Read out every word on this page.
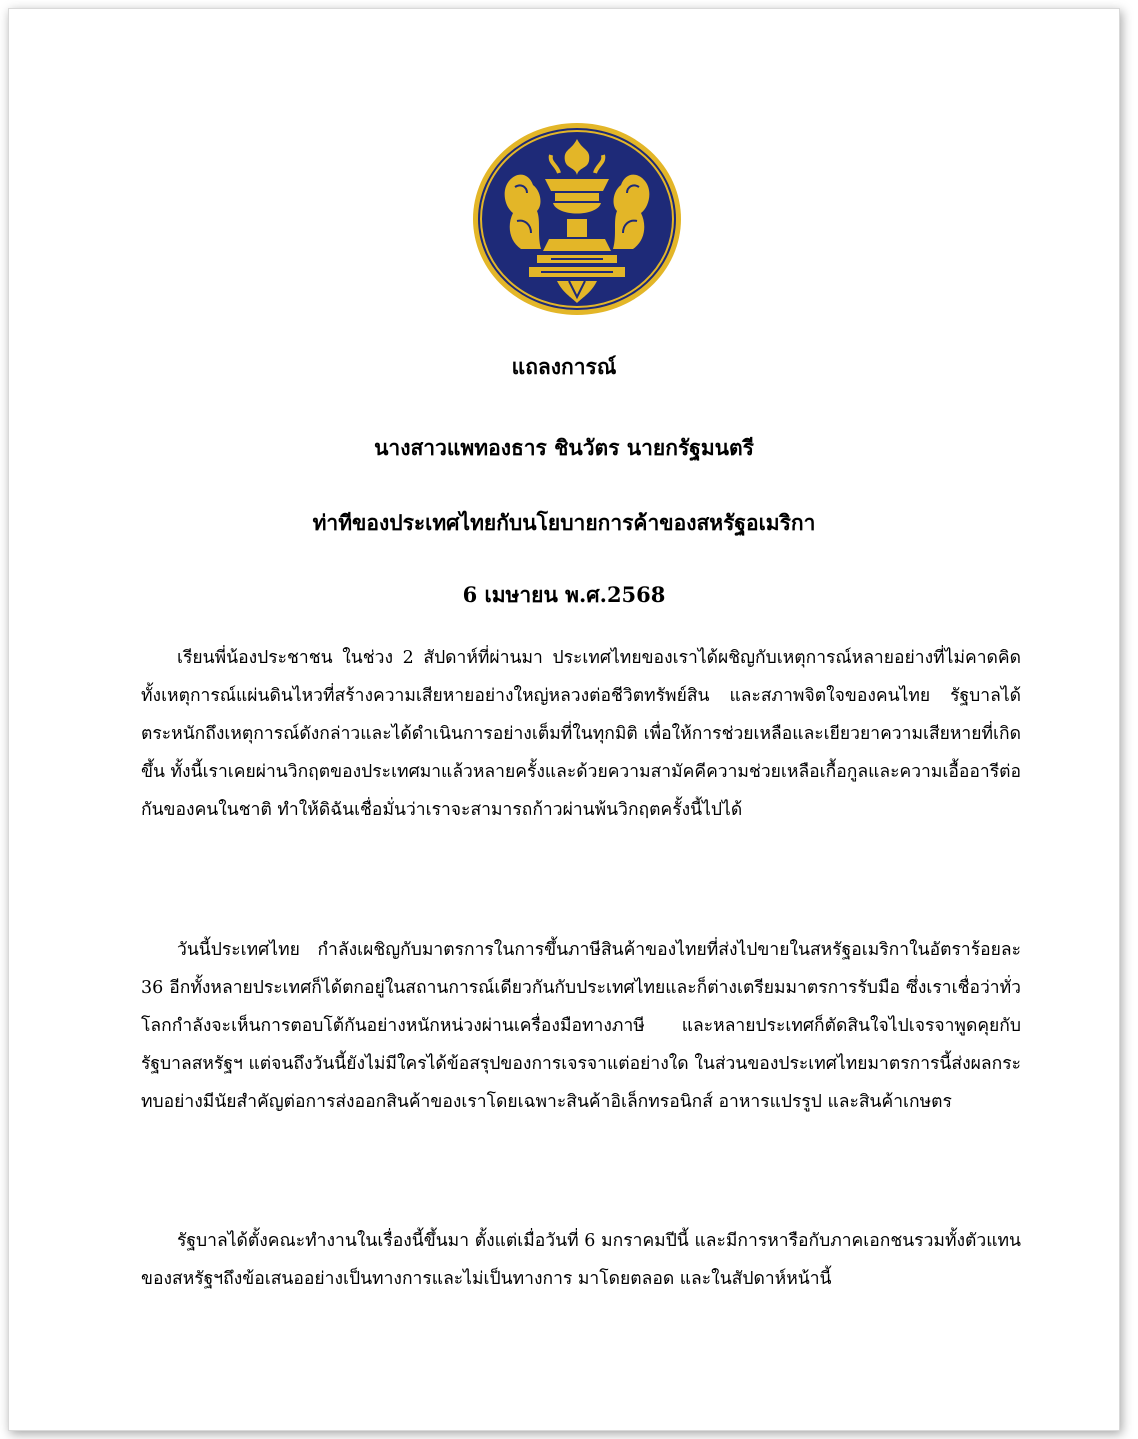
แถลงการณ์
นางสาวแพทองธาร ชินวัตร นายกรัฐมนตรี
ท่าทีของประเทศไทยกับนโยบายการค้าของสหรัฐอเมริกา
6 เมษายน พ.ศ.2568

เรียนพี่น้องประชาชน ในช่วง 2 สัปดาห์ที่ผ่านมา ประเทศไทยของเราได้ผชิญกับเหตุการณ์หลายอย่างที่ไม่คาดคิด ทั้งเหตุการณ์แผ่นดินไหวที่สร้างความเสียหายอย่างใหญ่หลวงต่อชีวิตทรัพย์สิน และสภาพจิตใจของคนไทย รัฐบาลได้ตระหนักถึงเหตุการณ์ดังกล่าวและได้ดำเนินการอย่างเต็มที่ในทุกมิติ เพื่อให้การช่วยเหลือและเยียวยาความเสียหายที่เกิดขึ้น ทั้งนี้เราเคยผ่านวิกฤตของประเทศมาแล้วหลายครั้งและด้วยความสามัคคีความช่วยเหลือเกื้อกูลและความเอื้ออารีต่อกันของคนในชาติ ทำให้ดิฉันเชื่อมั่นว่าเราจะสามารถก้าวผ่านพ้นวิกฤตครั้งนี้ไปได้

วันนี้ประเทศไทย กำลังเผชิญกับมาตรการในการขึ้นภาษีสินค้าของไทยที่ส่งไปขายในสหรัฐอเมริกาในอัตราร้อยละ 36 อีกทั้งหลายประเทศก็ได้ตกอยู่ในสถานการณ์เดียวกันกับประเทศไทยและก็ต่างเตรียมมาตรการรับมือ ซึ่งเราเชื่อว่าทั่วโลกกำลังจะเห็นการตอบโต้กันอย่างหนักหน่วงผ่านเครื่องมือทางภาษี และหลายประเทศก็ตัดสินใจไปเจรจาพูดคุยกับรัฐบาลสหรัฐฯ แต่จนถึงวันนี้ยังไม่มีใครได้ข้อสรุปของการเจรจาแต่อย่างใด ในส่วนของประเทศไทยมาตรการนี้ส่งผลกระทบอย่างมีนัยสำคัญต่อการส่งออกสินค้าของเราโดยเฉพาะสินค้าอิเล็กทรอนิกส์ อาหารแปรรูป และสินค้าเกษตร

รัฐบาลได้ตั้งคณะทำงานในเรื่องนี้ขึ้นมา ตั้งแต่เมื่อวันที่ 6 มกราคมปีนี้ และมีการหารือกับภาคเอกชนรวมทั้งตัวแทนของสหรัฐฯถึงข้อเสนออย่างเป็นทางการและไม่เป็นทางการ มาโดยตลอด และในสัปดาห์หน้านี้
